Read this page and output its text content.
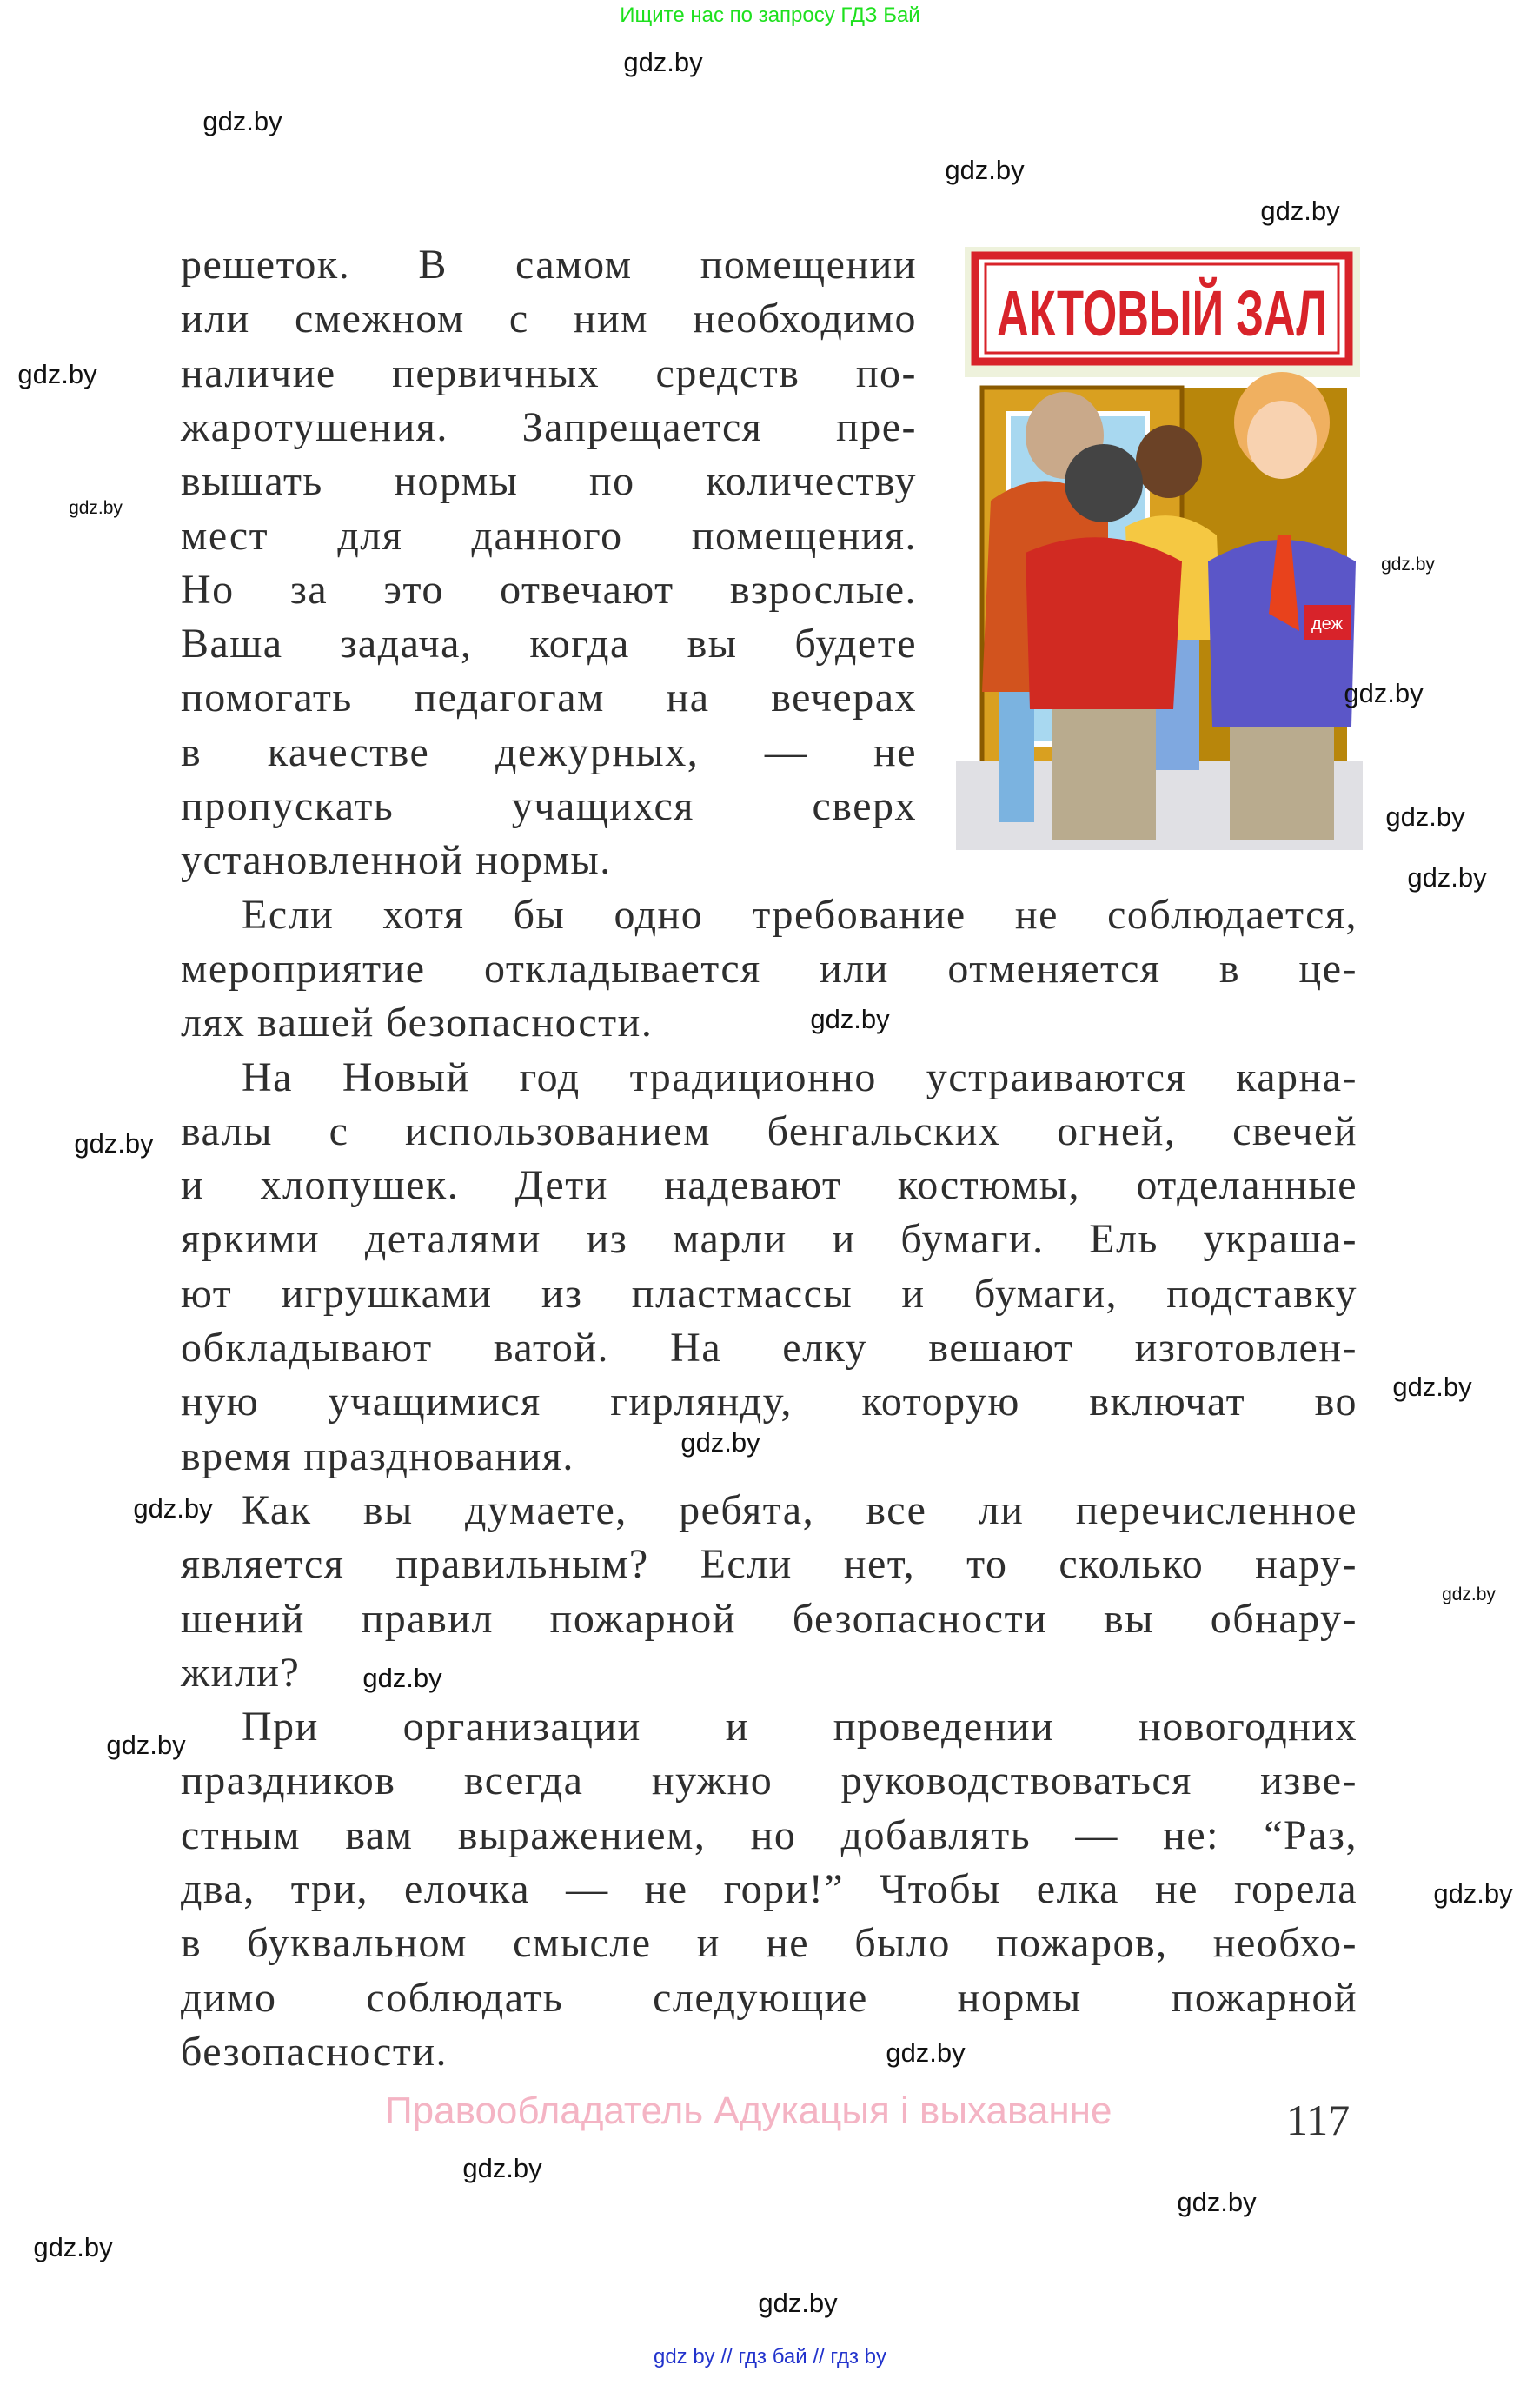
Ищите нас по запросу ГДЗ Бай
АКТОВЫЙ ЗАЛ
деж
решеток. В самом помещении
или смежном с ним необходимо
наличие первичных средств по-
жаротушения. Запрещается пре-
вышать нормы по количеству
мест для данного помещения.
Но за это отвечают взрослые.
Ваша задача, когда вы будете
помогать педагогам на вечерах
в качестве дежурных, — не
пропускать учащихся сверх
установленной нормы.
Если хотя бы одно требование не соблюдается,
мероприятие откладывается или отменяется в це-
лях вашей безопасности.
На Новый год традиционно устраиваются карна-
валы с использованием бенгальских огней, свечей
и хлопушек. Дети надевают костюмы, отделанные
яркими деталями из марли и бумаги. Ель украша-
ют игрушками из пластмассы и бумаги, подставку
обкладывают ватой. На елку вешают изготовлен-
ную учащимися гирлянду, которую включат во
время празднования.
Как вы думаете, ребята, все ли перечисленное
является правильным? Если нет, то сколько нару-
шений правил пожарной безопасности вы обнару-
жили?
При организации и проведении новогодних
праздников всегда нужно руководствоваться изве-
стным вам выражением, но добавлять — не: “Раз,
два, три, елочка — не гори!” Чтобы елка не горела
в буквальном смысле и не было пожаров, необхо-
димо соблюдать следующие нормы пожарной
безопасности.
gdz.by
gdz.by
gdz.by
gdz.by
gdz.by
gdz.by
gdz.by
gdz.by
gdz.by
gdz.by
gdz.by
gdz.by
gdz.by
gdz.by
gdz.by
gdz.by
gdz.by
gdz.by
gdz.by
gdz.by
gdz.by
gdz.by
gdz.by
gdz.by
Правообладатель Адукацыя і выхаванне	117
gdz by // гдз бай // гдз by
